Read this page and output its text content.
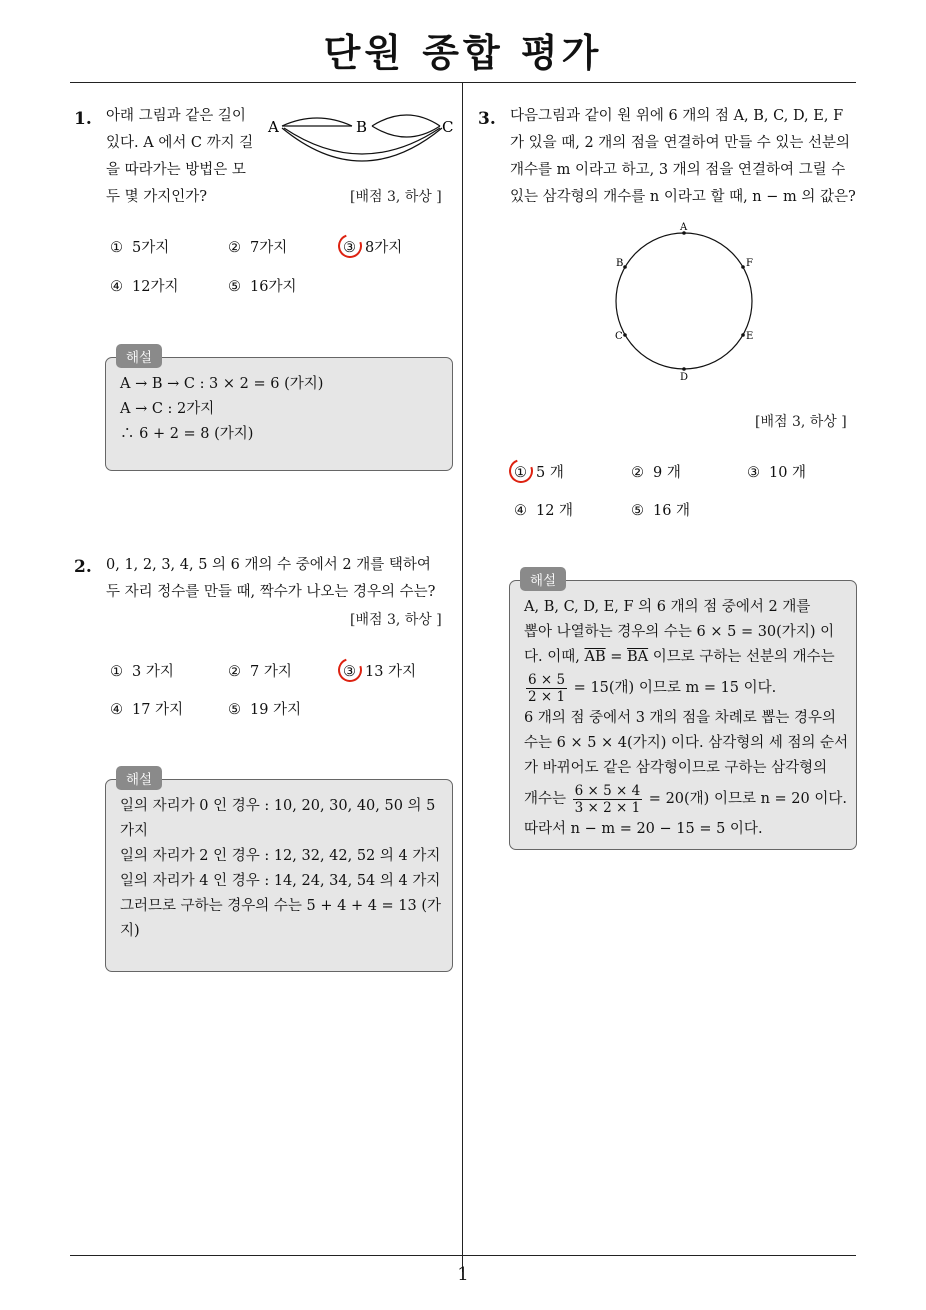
단원 종합 평가
1
1. 아래 그림과 같은 길이
있다. A 에서 C 까지 길
을 따라가는 방법은 모
두 몇 가지인가?
A	B	C
[배점 3, 하상 ]
① 5가지	② 7가지	③ 8가지
④ 12가지	⑤ 16가지
A → B → C : 3 × 2 = 6 (가지)
A → C : 2가지
∴ 6 + 2 = 8 (가지)
해설
2. 0, 1, 2, 3, 4, 5 의 6 개의 수 중에서 2 개를 택하여
두 자리 정수를 만들 때, 짝수가 나오는 경우의 수는?
[배점 3, 하상 ]
① 3 가지	② 7 가지	③ 13 가지
④ 17 가지	⑤ 19 가지
일의 자리가 0 인 경우 : 10, 20, 30, 40, 50 의 5
가지
일의 자리가 2 인 경우 : 12, 32, 42, 52 의 4 가지
일의 자리가 4 인 경우 : 14, 24, 34, 54 의 4 가지
그러므로 구하는 경우의 수는 5 + 4 + 4 = 13 (가
지)
해설
3. 다음그림과 같이 원 위에 6 개의 점 A, B, C, D, E, F
가 있을 때, 2 개의 점을 연결하여 만들 수 있는 선분의
개수를 m 이라고 하고, 3 개의 점을 연결하여 그릴 수
있는 삼각형의 개수를 n 이라고 할 때, n − m 의 값은?
A
B	F
C	E
D
[배점 3, 하상 ]
① 5 개	② 9 개	③ 10 개
④ 12 개	⑤ 16 개
A, B, C, D, E, F 의 6 개의 점 중에서 2 개를
뽑아 나열하는 경우의 수는 6 × 5 = 30(가지) 이
다. 이때, $\overline{AB} = \overline{BA}$ 이므로 구하는 선분의 개수는
$\frac{6 \times 5}{2 \times 1} = 15$(개) 이므로 m = 15 이다.
6 개의 점 중에서 3 개의 점을 차례로 뽑는 경우의
수는 6 × 5 × 4(가지) 이다. 삼각형의 세 점의 순서
가 바뀌어도 같은 삼각형이므로 구하는 삼각형의
개수는 $\frac{6 \times 5 \times 4}{3 \times 2 \times 1} = 20$(개) 이므로 n = 20 이다.
따라서 n − m = 20 − 15 = 5 이다.
해설
